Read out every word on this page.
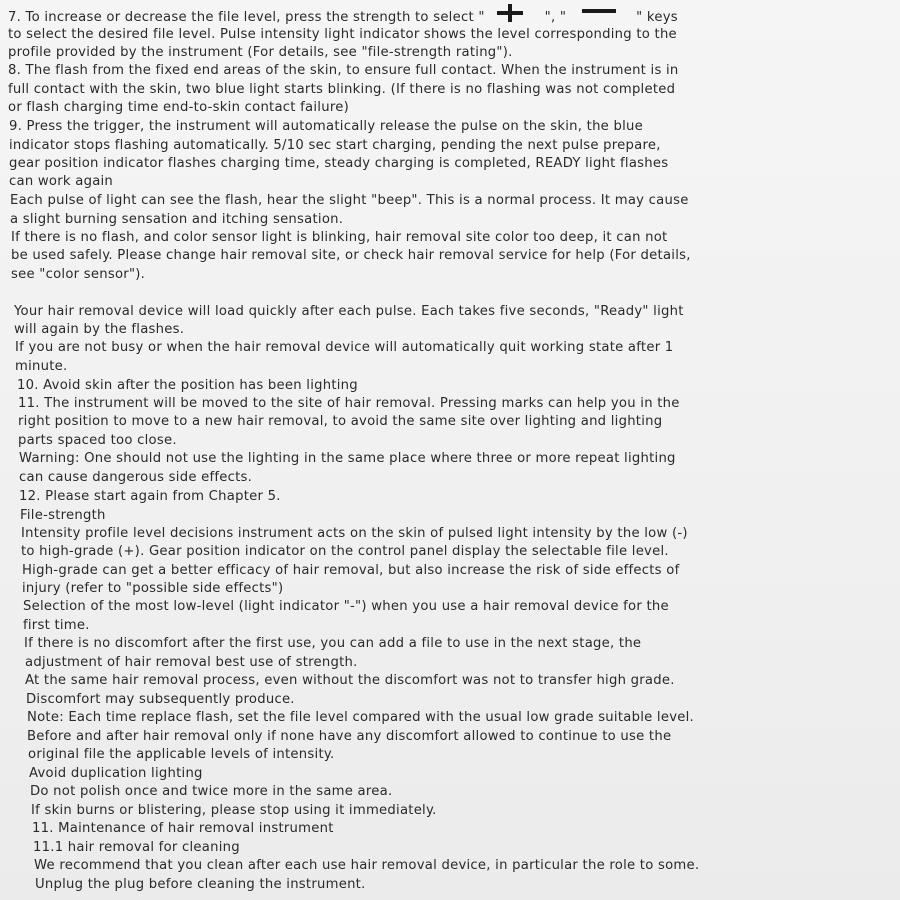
7. To increase or decrease the file level, press the strength to select "	", "	" keys
to select the desired file level. Pulse intensity light indicator shows the level corresponding to the
profile provided by the instrument (For details, see "file-strength rating").
8. The flash from the fixed end areas of the skin, to ensure full contact. When the instrument is in
full contact with the skin, two blue light starts blinking. (If there is no flashing was not completed
or flash charging time end-to-skin contact failure)
9. Press the trigger, the instrument will automatically release the pulse on the skin, the blue
indicator stops flashing automatically. 5/10 sec start charging, pending the next pulse prepare,
gear position indicator flashes charging time, steady charging is completed, READY light flashes
can work again
Each pulse of light can see the flash, hear the slight "beep". This is a normal process. It may cause
a slight burning sensation and itching sensation.
If there is no flash, and color sensor light is blinking, hair removal site color too deep, it can not
be used safely. Please change hair removal site, or check hair removal service for help (For details,
see "color sensor").
Your hair removal device will load quickly after each pulse. Each takes five seconds, "Ready" light
will again by the flashes.
If you are not busy or when the hair removal device will automatically quit working state after 1
minute.
10. Avoid skin after the position has been lighting
11. The instrument will be moved to the site of hair removal. Pressing marks can help you in the
right position to move to a new hair removal, to avoid the same site over lighting and lighting
parts spaced too close.
Warning: One should not use the lighting in the same place where three or more repeat lighting
can cause dangerous side effects.
12. Please start again from Chapter 5.
File-strength
Intensity profile level decisions instrument acts on the skin of pulsed light intensity by the low (-)
to high-grade (+). Gear position indicator on the control panel display the selectable file level.
High-grade can get a better efficacy of hair removal, but also increase the risk of side effects of
injury (refer to "possible side effects")
Selection of the most low-level (light indicator "-") when you use a hair removal device for the
first time.
If there is no discomfort after the first use, you can add a file to use in the next stage, the
adjustment of hair removal best use of strength.
At the same hair removal process, even without the discomfort was not to transfer high grade.
Discomfort may subsequently produce.
Note: Each time replace flash, set the file level compared with the usual low grade suitable level.
Before and after hair removal only if none have any discomfort allowed to continue to use the
original file the applicable levels of intensity.
Avoid duplication lighting
Do not polish once and twice more in the same area.
If skin burns or blistering, please stop using it immediately.
11. Maintenance of hair removal instrument
11.1 hair removal for cleaning
We recommend that you clean after each use hair removal device, in particular the role to some.
Unplug the plug before cleaning the instrument.
